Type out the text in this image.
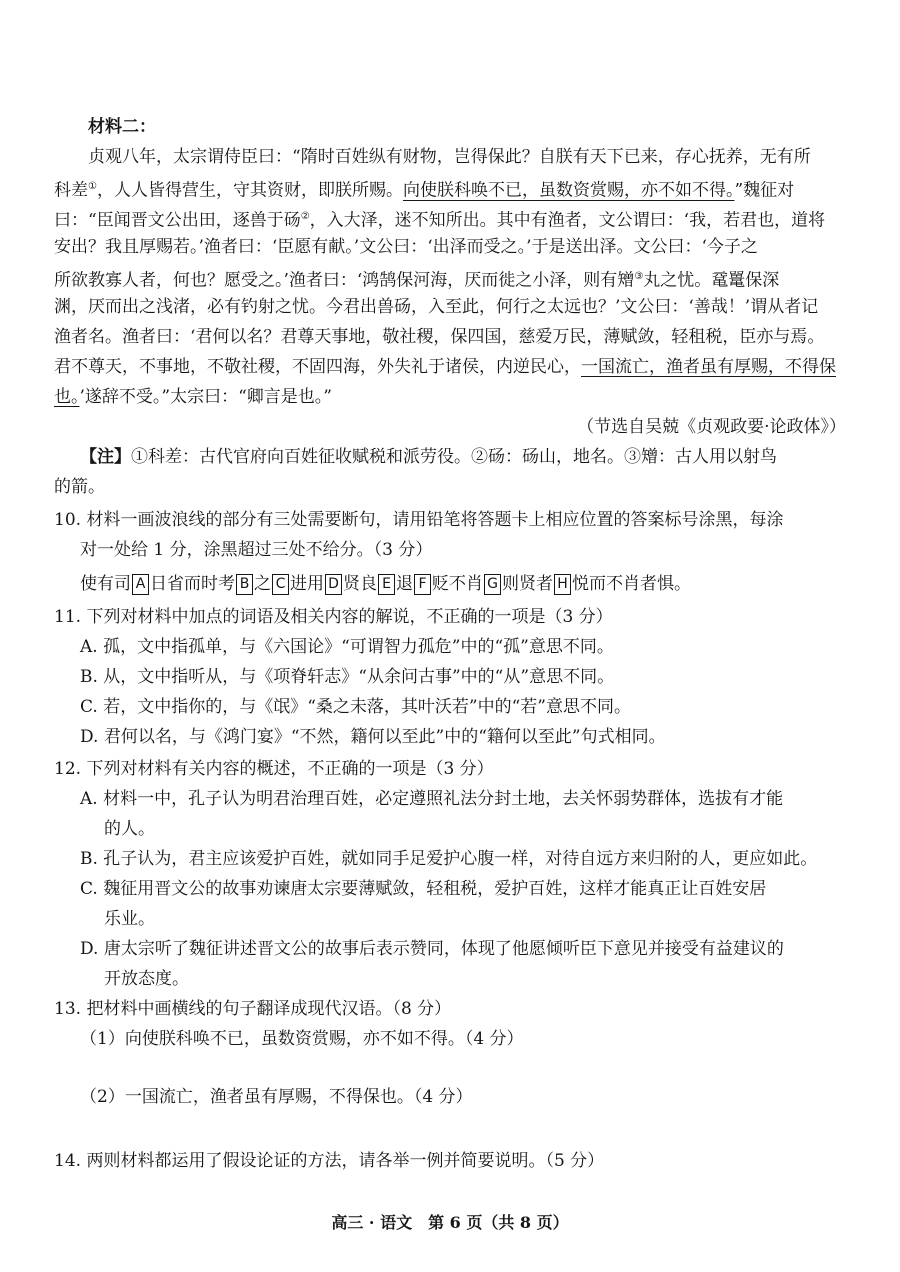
材料二：
贞观八年，太宗谓侍臣曰：“隋时百姓纵有财物，岂得保此？自朕有天下已来，存心抚养，无有所
科差①，人人皆得营生，守其资财，即朕所赐。向使朕科唤不已，虽数资赏赐，亦不如不得。”魏征对
曰：“臣闻晋文公出田，逐兽于砀②，入大泽，迷不知所出。其中有渔者，文公谓曰：‘我，若君也，道将
安出？我且厚赐若。’渔者曰：‘臣愿有献。’文公曰：‘出泽而受之。’于是送出泽。文公曰：‘今子之
所欲教寡人者，何也？愿受之。’渔者曰：‘鸿鹄保河海，厌而徙之小泽，则有矰③丸之忧。鼋鼍保深
渊，厌而出之浅渚，必有钓射之忧。今君出兽砀，入至此，何行之太远也？’文公曰：‘善哉！’谓从者记
渔者名。渔者曰：‘君何以名？君尊天事地，敬社稷，保四国，慈爱万民，薄赋敛，轻租税，臣亦与焉。
君不尊天，不事地，不敬社稷，不固四海，外失礼于诸侯，内逆民心，一国流亡，渔者虽有厚赐，不得保
也。’遂辞不受。”太宗曰：“卿言是也。”
（节选自吴兢《贞观政要·论政体》）
【注】①科差：古代官府向百姓征收赋税和派劳役。②砀：砀山，地名。③矰：古人用以射鸟
的箭。
10. 材料一画波浪线的部分有三处需要断句，请用铅笔将答题卡上相应位置的答案标号涂黑，每涂
对一处给 1 分，涂黑超过三处不给分。（3 分）
使有司 A 日省而时考 B 之 C 进用 D 贤良 E 退 F 贬不肖 G 则贤者 H 悦而不肖者惧。
11. 下列对材料中加点的词语及相关内容的解说，不正确的一项是（3 分）
A. 孤，文中指孤单，与《六国论》“可谓智力孤危”中的“孤”意思不同。
B. 从，文中指听从，与《项脊轩志》“从余问古事”中的“从”意思不同。
C. 若，文中指你的，与《氓》“桑之未落，其叶沃若”中的“若”意思不同。
D. 君何以名，与《鸿门宴》“不然，籍何以至此”中的“籍何以至此”句式相同。
12. 下列对材料有关内容的概述，不正确的一项是（3 分）
A. 材料一中，孔子认为明君治理百姓，必定遵照礼法分封土地，去关怀弱势群体，选拔有才能
的人。
B. 孔子认为，君主应该爱护百姓，就如同手足爱护心腹一样，对待自远方来归附的人，更应如此。
C. 魏征用晋文公的故事劝谏唐太宗要薄赋敛，轻租税，爱护百姓，这样才能真正让百姓安居
乐业。
D. 唐太宗听了魏征讲述晋文公的故事后表示赞同，体现了他愿倾听臣下意见并接受有益建议的
开放态度。
13. 把材料中画横线的句子翻译成现代汉语。（8 分）
（1）向使朕科唤不已，虽数资赏赐，亦不如不得。（4 分）
（2）一国流亡，渔者虽有厚赐，不得保也。（4 分）
14. 两则材料都运用了假设论证的方法，请各举一例并简要说明。（5 分）
高三 · 语文　第 6 页（共 8 页）
